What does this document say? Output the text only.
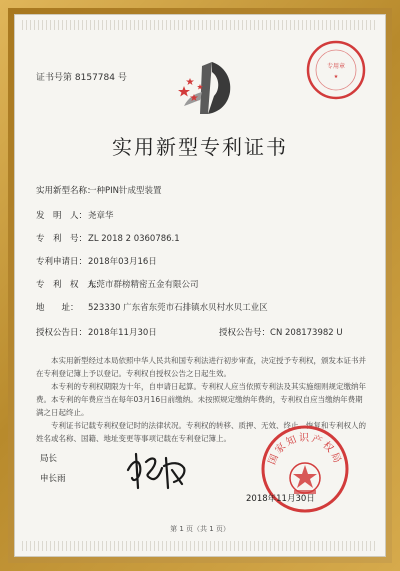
专用章
★
证书号第 8157784 号
实用新型专利证书
实用新型名称：一种PIN针成型装置
发　明　人：尧章华
专　利　号：ZL 2018 2 0360786.1
专利申请日：2018年03月16日
专　利　权　人：东莞市群榜精密五金有限公司
地　　址： 523330 广东省东莞市石排镇水贝村水贝工业区
授权公告日：2018年11月30日	授权公告号：CN 208173982 U

本实用新型经过本局依照中华人民共和国专利法进行初步审查，决定授予专利权，颁发本证书并在专利登记簿上予以登记。专利权自授权公告之日起生效。

本专利的专利权期限为十年，自申请日起算。专利权人应当依照专利法及其实施细则规定缴纳年费。本专利的年费应当在每年03月16日前缴纳。未按照规定缴纳年费的，专利权自应当缴纳年费期满之日起终止。

专利证书记载专利权登记时的法律状况。专利权的转移、质押、无效、终止、恢复和专利权人的姓名或名称、国籍、地址变更等事项记载在专利登记簿上。

局长
申长雨
国家知识产权局
2018年11月30日
第 1 页（共 1 页）
